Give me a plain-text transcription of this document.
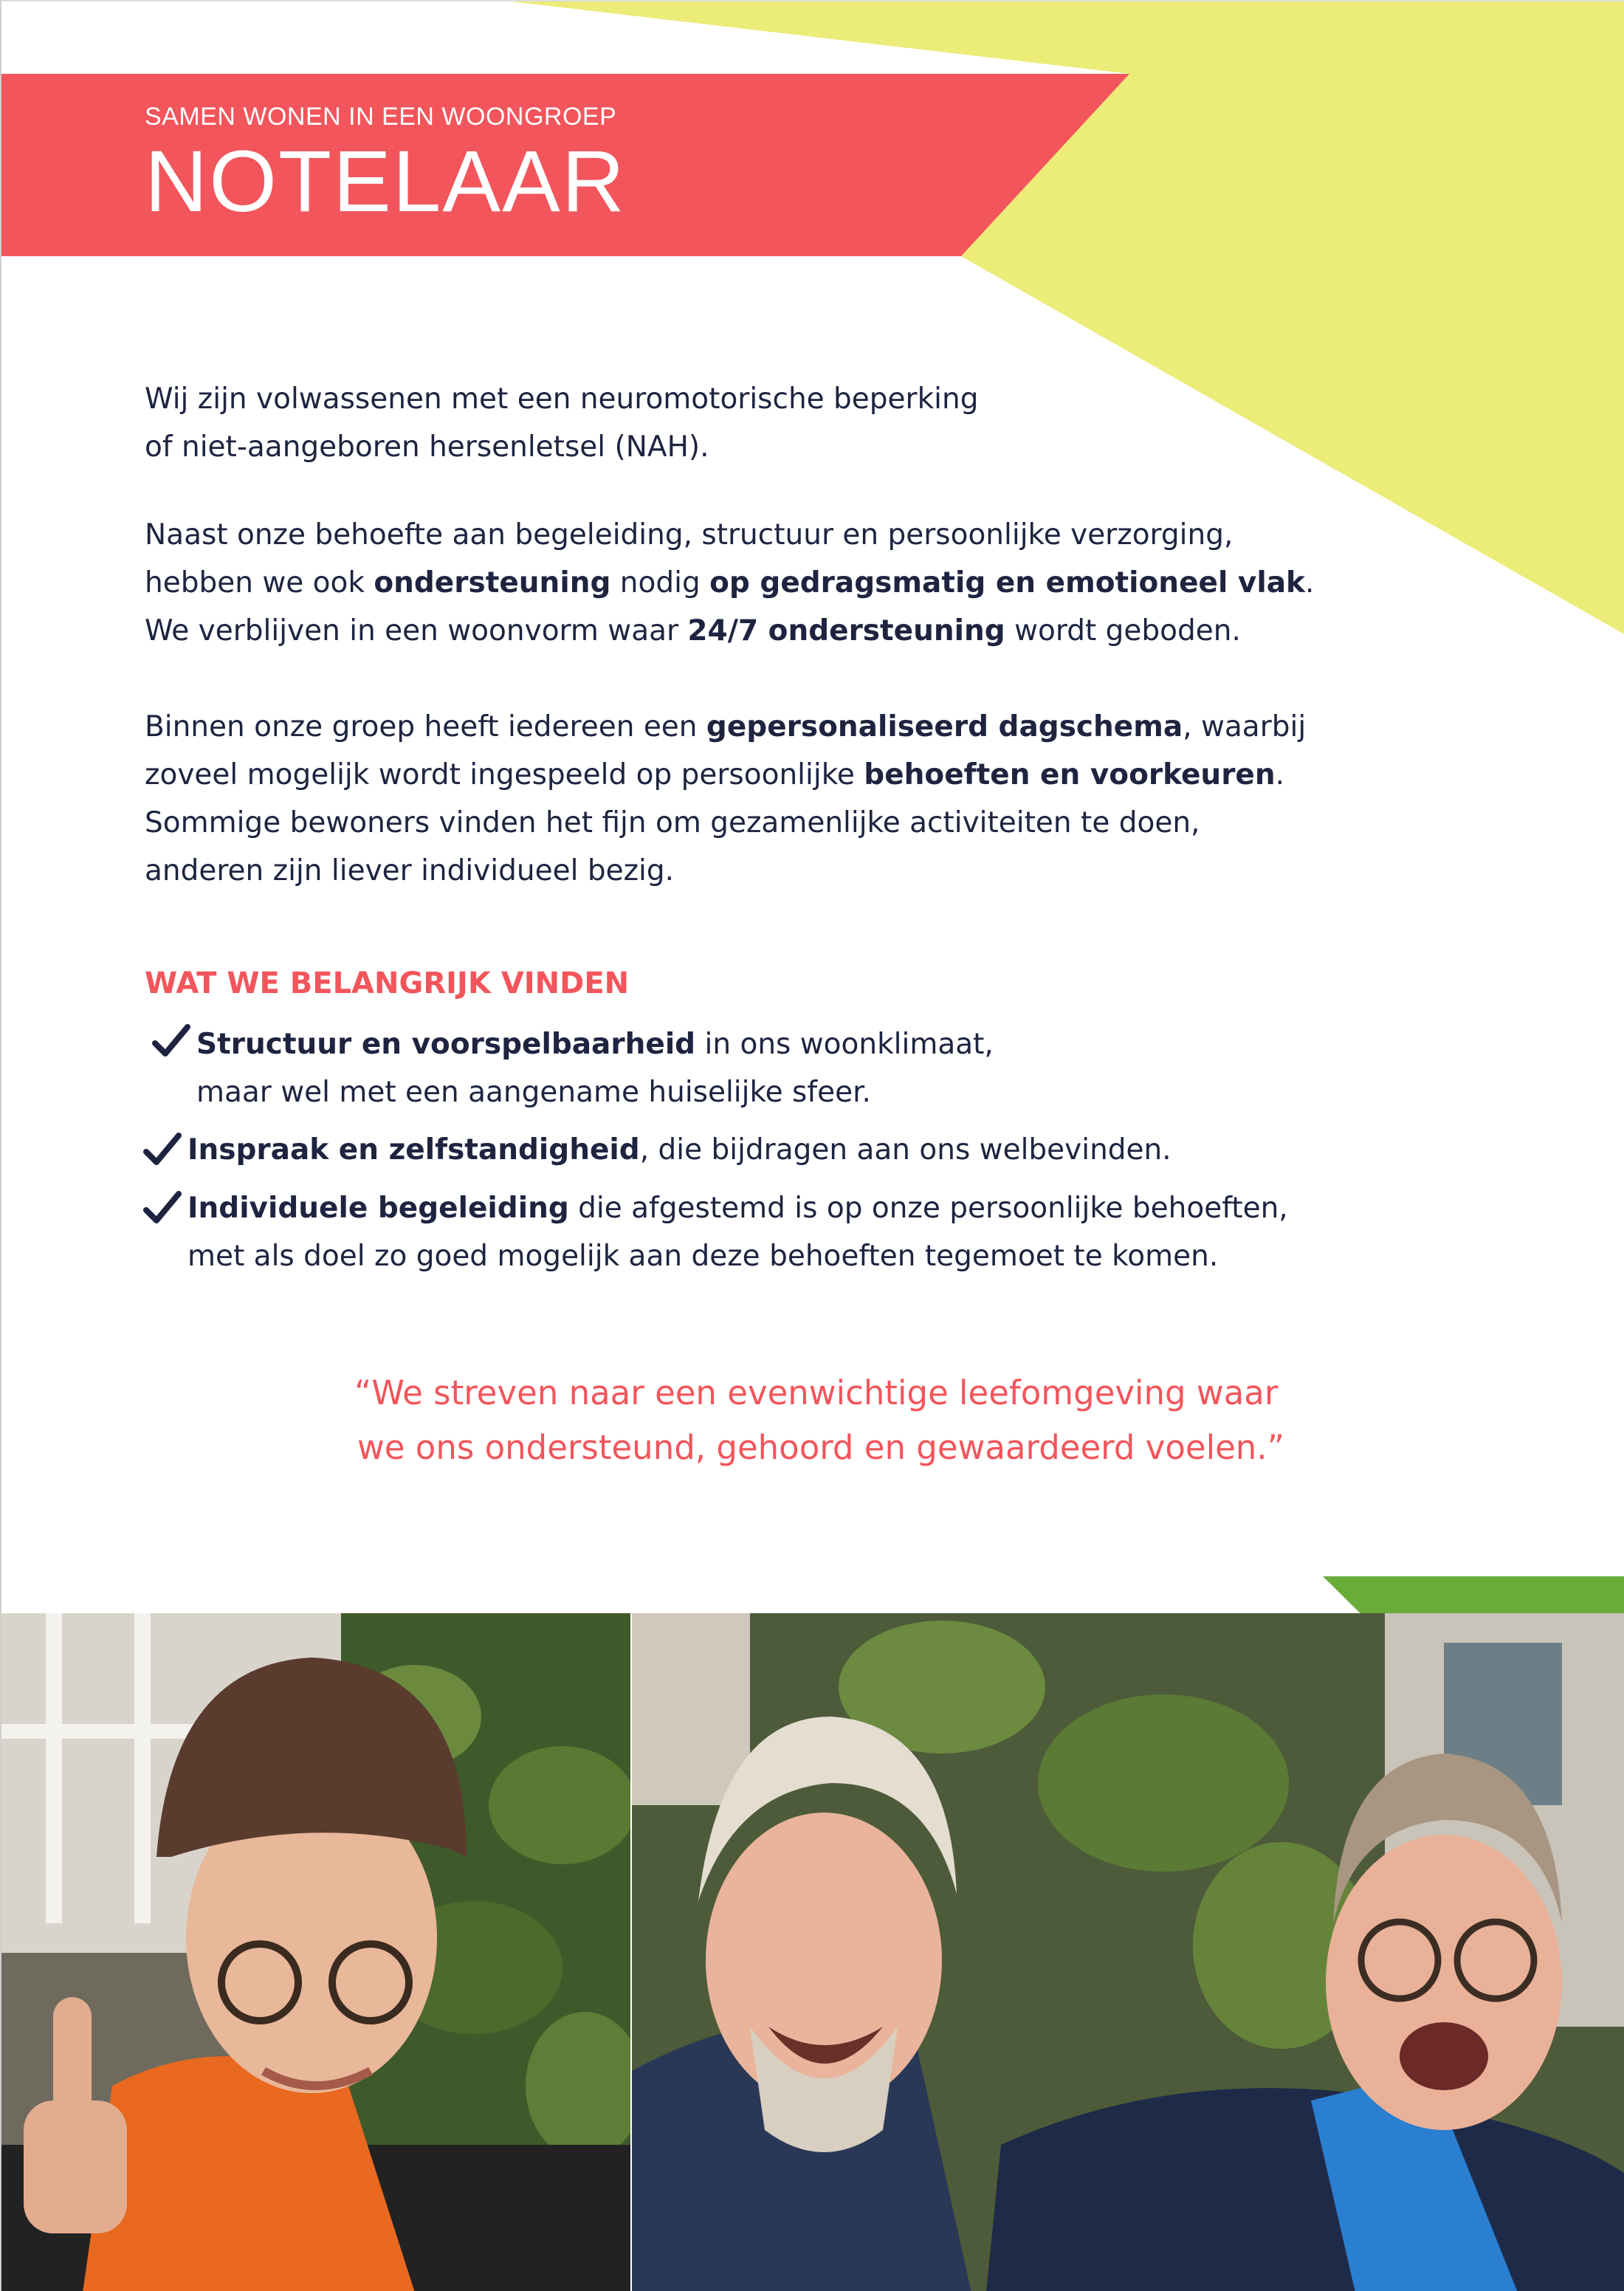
SAMEN WONEN IN EEN WOONGROEP

NOTELAAR

Wij zijn volwassenen met een neuromotorische beperking
of niet-aangeboren hersenletsel (NAH).

Naast onze behoefte aan begeleiding, structuur en persoonlijke verzorging,
hebben we ook ondersteuning nodig op gedragsmatig en emotioneel vlak.
We verblijven in een woonvorm waar 24/7 ondersteuning wordt geboden.

Binnen onze groep heeft iedereen een gepersonaliseerd dagschema, waarbij
zoveel mogelijk wordt ingespeeld op persoonlijke behoeften en voorkeuren.
Sommige bewoners vinden het fijn om gezamenlijke activiteiten te doen,
anderen zijn liever individueel bezig.

WAT WE BELANGRIJK VINDEN

Structuur en voorspelbaarheid in ons woonklimaat,
maar wel met een aangename huiselijke sfeer.

Inspraak en zelfstandigheid, die bijdragen aan ons welbevinden.

Individuele begeleiding die afgestemd is op onze persoonlijke behoeften,
met als doel zo goed mogelijk aan deze behoeften tegemoet te komen.

“We streven naar een evenwichtige leefomgeving waar
we ons ondersteund, gehoord en gewaardeerd voelen.”
